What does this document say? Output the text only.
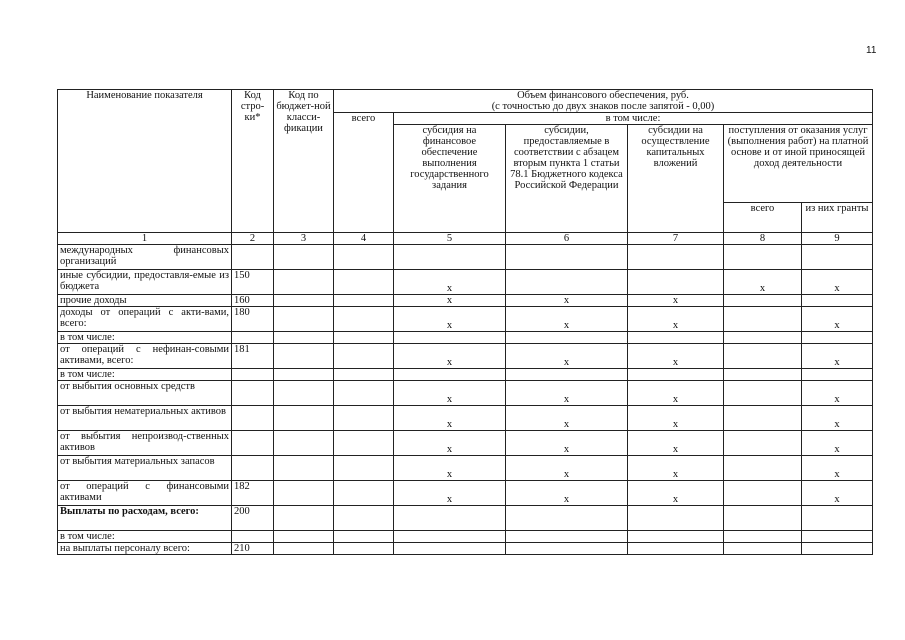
11
Наименование показателя	Код стро-ки*	Код по бюджет-ной класси-фикации	Объем финансового обеспечения, руб.
(с точностью до двух знаков после запятой - 0,00)					

			всего	в том числе:				
				субсидия на финансовое обеспечение выполнения государственного задания	субсидии, предоставляемые в соответствии с абзацем вторым пункта 1 статьи 78.1 Бюджетного кодекса Российской Федерации	субсидии на осуществление капитальных вложений	поступления от оказания услуг (выполнения работ) на платной основе и от иной приносящей доход деятельности	
							всего	из них гранты
1	2	3	4	5	6	7	8	9
международных финансовых организаций								
иные субсидии, предоставля-емые из бюджета	150			x			x	x
прочие доходы	160			x	x	x		
доходы от операций с акти-вами, всего:	180			x	x	x		x
в том числе:								
от операций с нефинан-совыми активами, всего:	181			x	x	x		x
в том числе:								
от выбытия основных средств				x	x	x		x
от выбытия нематериальных активов				x	x	x		x
от выбытия непроизвод-ственных активов				x	x	x		x
от выбытия материальных запасов				x	x	x		x
от операций с финансовыми активами	182			x	x	x		x
Выплаты по расходам, всего:	200							
в том числе:								
на выплаты персоналу всего:	210							
